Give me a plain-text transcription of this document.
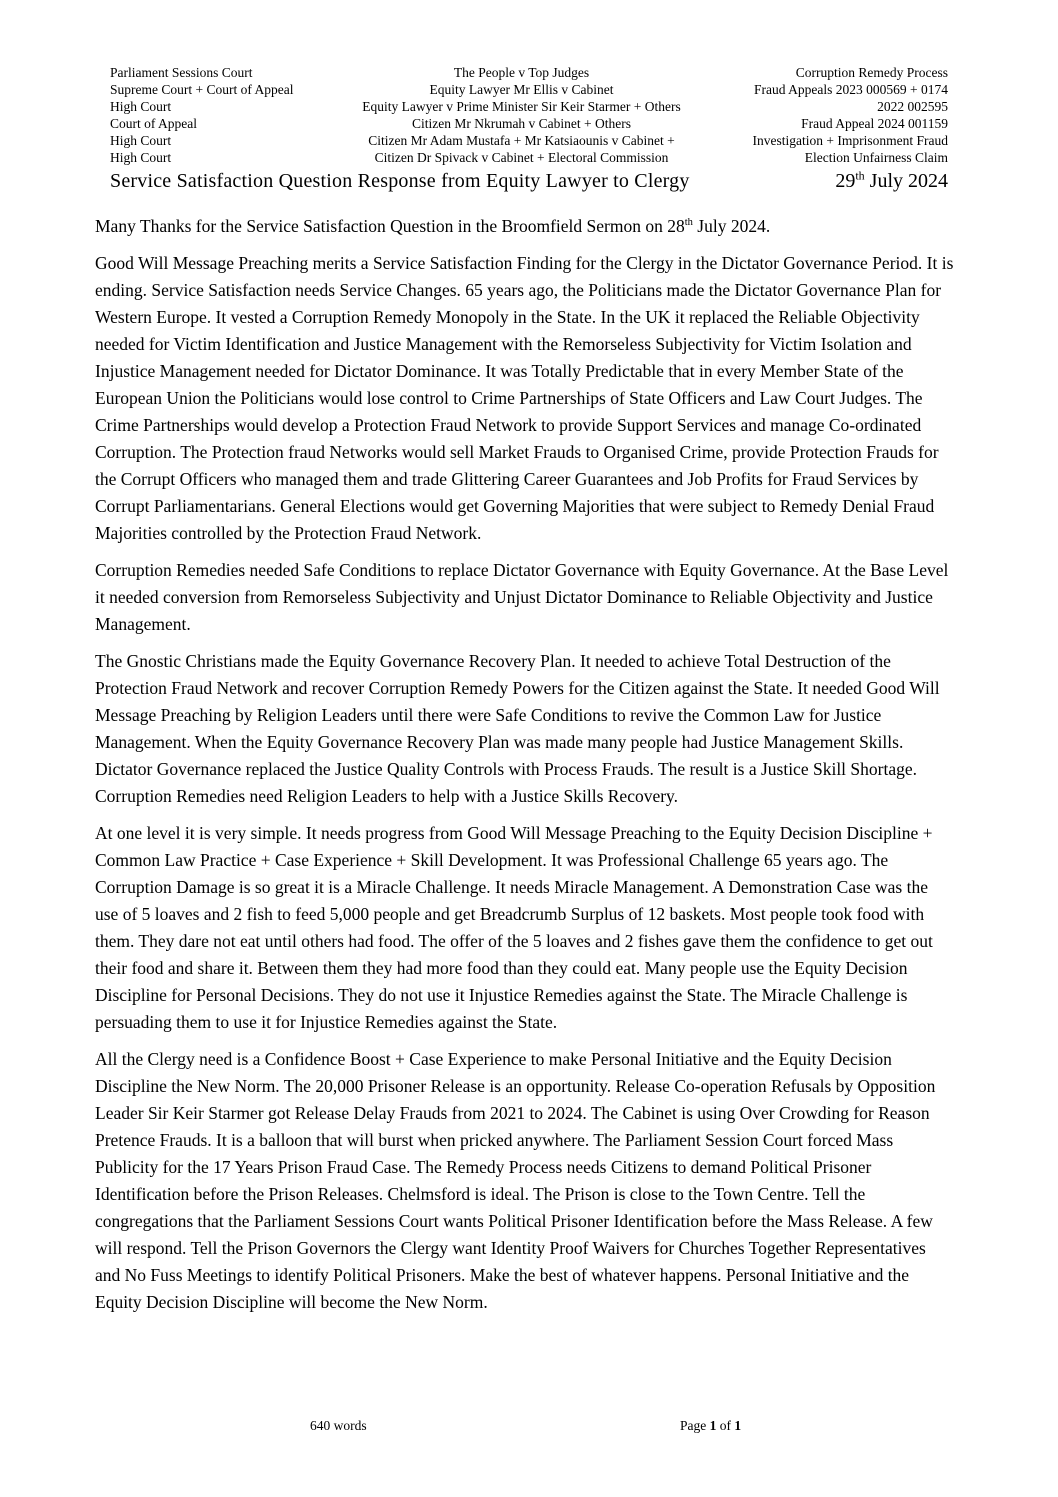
Parliament Sessions Court	The People v Top Judges	Corruption Remedy Process
Supreme Court + Court of Appeal	Equity Lawyer Mr Ellis v Cabinet	Fraud Appeals 2023 000569 + 0174
High Court	Equity Lawyer v Prime Minister Sir Keir Starmer + Others	2022 002595
Court of Appeal	Citizen Mr Nkrumah v Cabinet + Others	Fraud Appeal 2024 001159
High Court	Citizen Mr Adam Mustafa + Mr Katsiaounis v Cabinet +	Investigation + Imprisonment Fraud
High Court	Citizen Dr Spivack v Cabinet + Electoral Commission	Election Unfairness Claim
Service Satisfaction Question Response from Equity Lawyer to Clergy	29th July 2024

Many Thanks for the Service Satisfaction Question in the Broomfield Sermon on 28th July 2024.

Good Will Message Preaching merits a Service Satisfaction Finding for the Clergy in the Dictator Governance Period. It is ending. Service Satisfaction needs Service Changes. 65 years ago, the Politicians made the Dictator Governance Plan for Western Europe. It vested a Corruption Remedy Monopoly in the State. In the UK it replaced the Reliable Objectivity needed for Victim Identification and Justice Management with the Remorseless Subjectivity for Victim Isolation and Injustice Management needed for Dictator Dominance. It was Totally Predictable that in every Member State of the European Union the Politicians would lose control to Crime Partnerships of State Officers and Law Court Judges. The Crime Partnerships would develop a Protection Fraud Network to provide Support Services and manage Co-ordinated Corruption. The Protection fraud Networks would sell Market Frauds to Organised Crime, provide Protection Frauds for the Corrupt Officers who managed them and trade Glittering Career Guarantees and Job Profits for Fraud Services by Corrupt Parliamentarians. General Elections would get Governing Majorities that were subject to Remedy Denial Fraud Majorities controlled by the Protection Fraud Network.

Corruption Remedies needed Safe Conditions to replace Dictator Governance with Equity Governance. At the Base Level it needed conversion from Remorseless Subjectivity and Unjust Dictator Dominance to Reliable Objectivity and Justice Management.

The Gnostic Christians made the Equity Governance Recovery Plan. It needed to achieve Total Destruction of the Protection Fraud Network and recover Corruption Remedy Powers for the Citizen against the State. It needed Good Will Message Preaching by Religion Leaders until there were Safe Conditions to revive the Common Law for Justice Management. When the Equity Governance Recovery Plan was made many people had Justice Management Skills. Dictator Governance replaced the Justice Quality Controls with Process Frauds. The result is a Justice Skill Shortage. Corruption Remedies need Religion Leaders to help with a Justice Skills Recovery.

At one level it is very simple. It needs progress from Good Will Message Preaching to the Equity Decision Discipline + Common Law Practice + Case Experience + Skill Development. It was Professional Challenge 65 years ago. The Corruption Damage is so great it is a Miracle Challenge. It needs Miracle Management. A Demonstration Case was the use of 5 loaves and 2 fish to feed 5,000 people and get Breadcrumb Surplus of 12 baskets. Most people took food with them. They dare not eat until others had food. The offer of the 5 loaves and 2 fishes gave them the confidence to get out their food and share it. Between them they had more food than they could eat. Many people use the Equity Decision Discipline for Personal Decisions. They do not use it Injustice Remedies against the State. The Miracle Challenge is persuading them to use it for Injustice Remedies against the State.

All the Clergy need is a Confidence Boost + Case Experience to make Personal Initiative and the Equity Decision Discipline the New Norm. The 20,000 Prisoner Release is an opportunity. Release Co-operation Refusals by Opposition Leader Sir Keir Starmer got Release Delay Frauds from 2021 to 2024. The Cabinet is using Over Crowding for Reason Pretence Frauds. It is a balloon that will burst when pricked anywhere. The Parliament Session Court forced Mass Publicity for the 17 Years Prison Fraud Case. The Remedy Process needs Citizens to demand Political Prisoner Identification before the Prison Releases. Chelmsford is ideal. The Prison is close to the Town Centre. Tell the congregations that the Parliament Sessions Court wants Political Prisoner Identification before the Mass Release. A few will respond. Tell the Prison Governors the Clergy want Identity Proof Waivers for Churches Together Representatives and No Fuss Meetings to identify Political Prisoners. Make the best of whatever happens. Personal Initiative and the Equity Decision Discipline will become the New Norm.

640 words	Page 1 of 1
